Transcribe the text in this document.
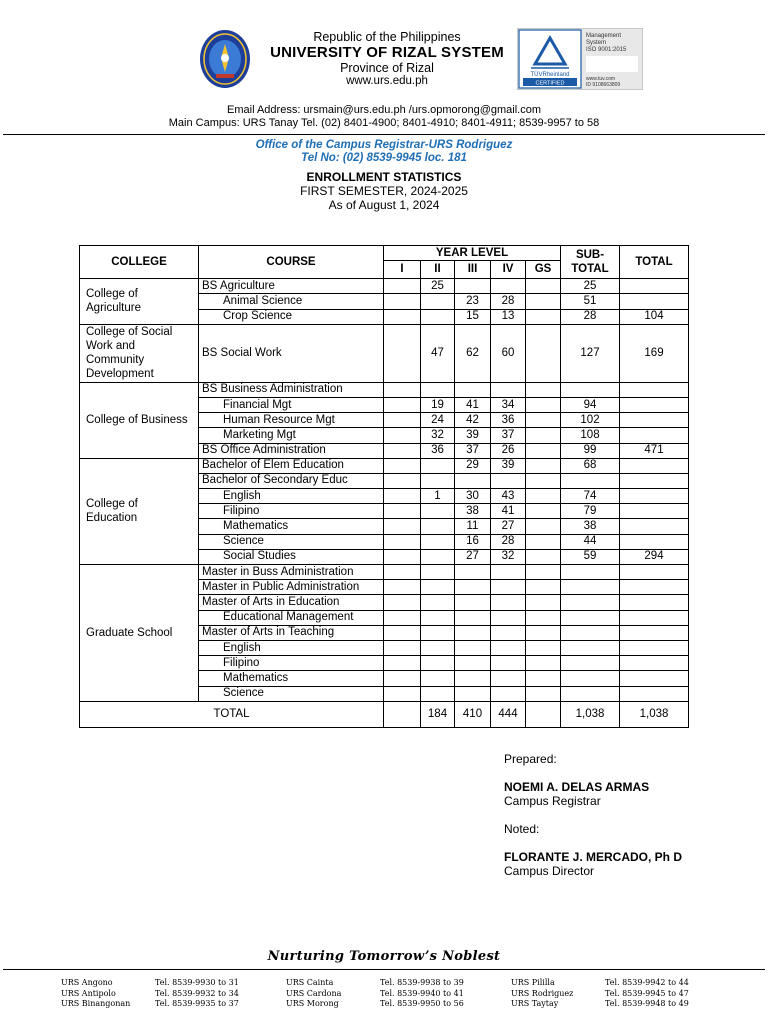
Republic of the Philippines
UNIVERSITY OF RIZAL SYSTEM
Province of Rizal
www.urs.edu.ph	TÜVRheinland
CERTIFIED
Management
System
ISO 9001:2015
www.tuv.com
ID 9108663809
Email Address: ursmain@urs.edu.ph /urs.opmorong@gmail.com
Main Campus: URS Tanay Tel. (02) 8401-4900; 8401-4910; 8401-4911; 8539-9957 to 58
Office of the Campus Registrar-URS Rodriguez
Tel No: (02) 8539-9945 loc. 181
ENROLLMENT STATISTICS
FIRST SEMESTER, 2024-2025
As of August 1, 2024
COLLEGE	COURSE	YEAR LEVEL					SUB-
TOTAL	TOTAL
		I	II	III	IV	GS		
College of Agriculture	BS Agriculture		25				25	
	Animal Science			23	28		51	
	Crop Science			15	13		28	104
College of Social Work and Community Development	BS Social Work		47	62	60		127	169
College of Business	BS Business Administration							
	Financial Mgt		19	41	34		94	
	Human Resource Mgt		24	42	36		102	
	Marketing Mgt		32	39	37		108	
	BS Office Administration		36	37	26		99	471
College of Education	Bachelor of Elem Education			29	39		68	
	Bachelor of Secondary Educ							
	English		1	30	43		74	
	Filipino			38	41		79	
	Mathematics			11	27		38	
	Science			16	28		44	
	Social Studies			27	32		59	294
Graduate School	Master in Buss Administration							
	Master in Public Administration							
	Master of Arts in Education							
	Educational Management							
	Master of Arts in Teaching							
	English							
	Filipino							
	Mathematics							
	Science							
TOTAL			184	410	444		1,038	1,038
Prepared:
NOEMI A. DELAS ARMAS
Campus Registrar
Noted:
FLORANTE J. MERCADO, Ph D
Campus Director
Nurturing Tomorrow’s Noblest
URS Angono	Tel. 8539-9930 to 31	URS Cainta	Tel. 8539-9938 to 39	URS Pililla	Tel. 8539-9942 to 44
URS Antipolo	Tel. 8539-9932 to 34	URS Cardona	Tel. 8539-9940 to 41	URS Rodriguez	Tel. 8539-9945 to 47
URS Binangonan	Tel. 8539-9935 to 37	URS Morong	Tel. 8539-9950 to 56	URS Taytay	Tel. 8539-9948 to 49
